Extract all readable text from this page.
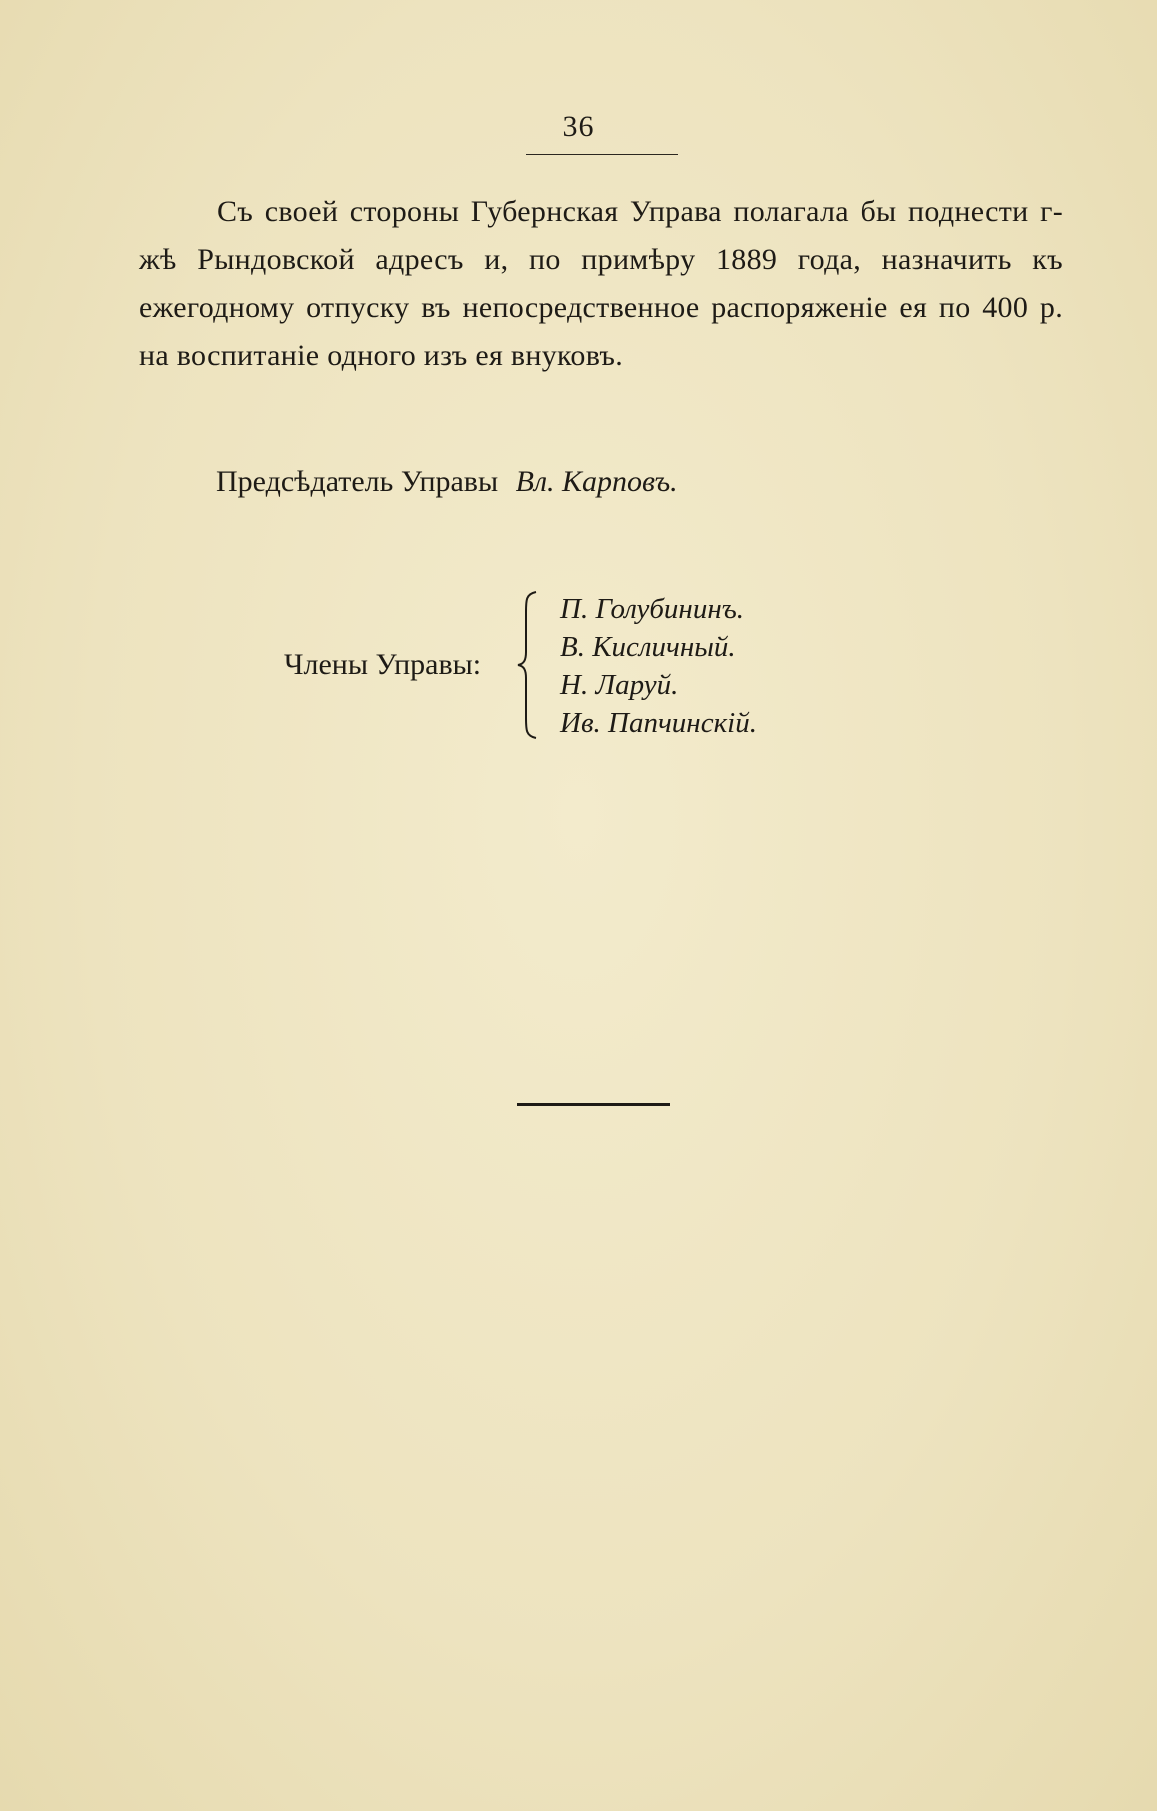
36

Съ своей стороны Губернская Управа полагала бы поднести г-жѣ Рындовской адресъ и, по примѣру 1889 года, назначить къ ежегодному отпуску въ непосредственное распоряженіе ея по 400 р. на воспитаніе одного изъ ея внуковъ.

Предсѣдатель Управы Вл. Карповъ.
Члены Управы:
П. Голубининъ.
В. Кисличный.
Н. Ларуй.
Ив. Папчинскій.
